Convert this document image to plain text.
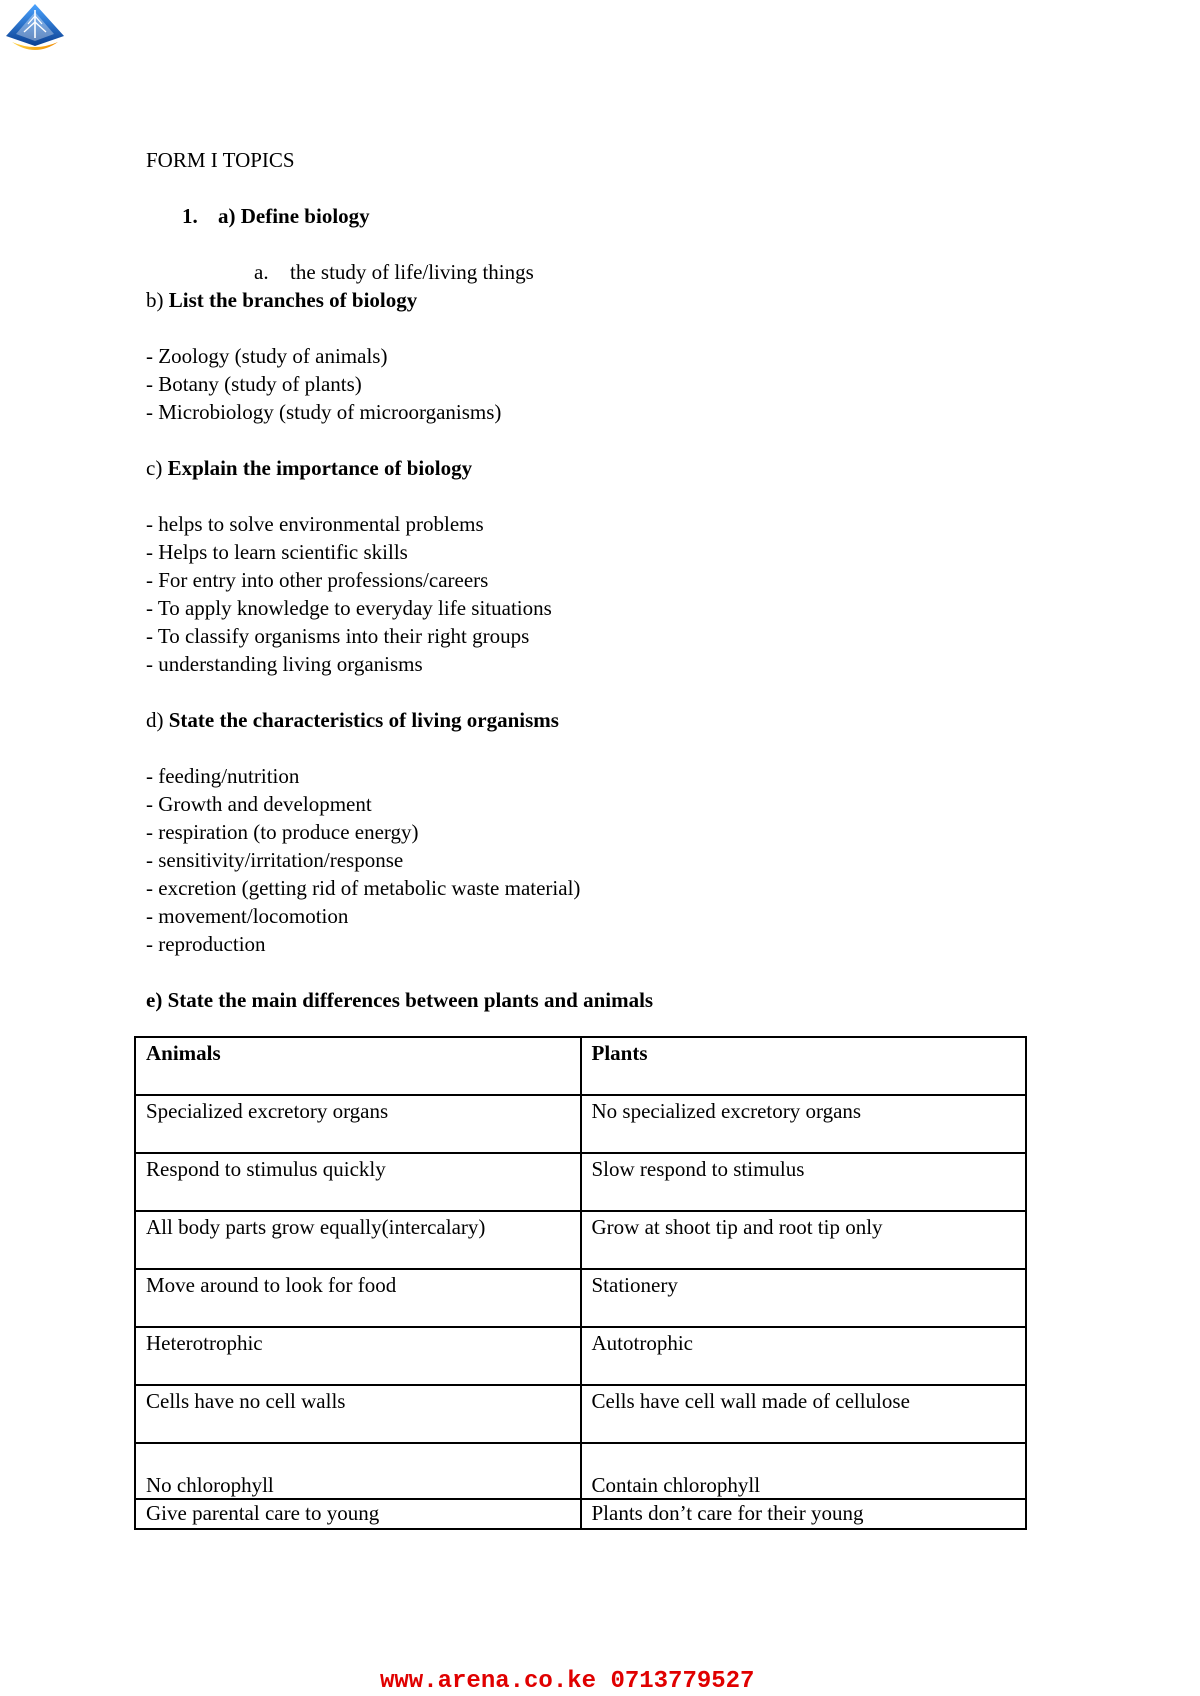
FORM I TOPICS
1. a) Define biology
a. the study of life/living things
b) List the branches of biology
- Zoology (study of animals)
- Botany (study of plants)
- Microbiology (study of microorganisms)
c) Explain the importance of biology
- helps to solve environmental problems
- Helps to learn scientific skills
- For entry into other professions/careers
- To apply knowledge to everyday life situations
- To classify organisms into their right groups
- understanding living organisms
d) State the characteristics of living organisms
- feeding/nutrition
- Growth and development
- respiration (to produce energy)
- sensitivity/irritation/response
- excretion (getting rid of metabolic waste material)
- movement/locomotion
- reproduction
e) State the main differences between plants and animals
Animals	Plants
Specialized excretory organs	No specialized excretory organs
Respond to stimulus quickly	Slow respond to stimulus
All body parts grow equally(intercalary)	Grow at shoot tip and root tip only
Move around to look for food	Stationery
Heterotrophic	Autotrophic
Cells have no cell walls	Cells have cell wall made of cellulose
No chlorophyll	Contain chlorophyll
Give parental care to young	Plants don’t care for their young
www.arena.co.ke 0713779527
